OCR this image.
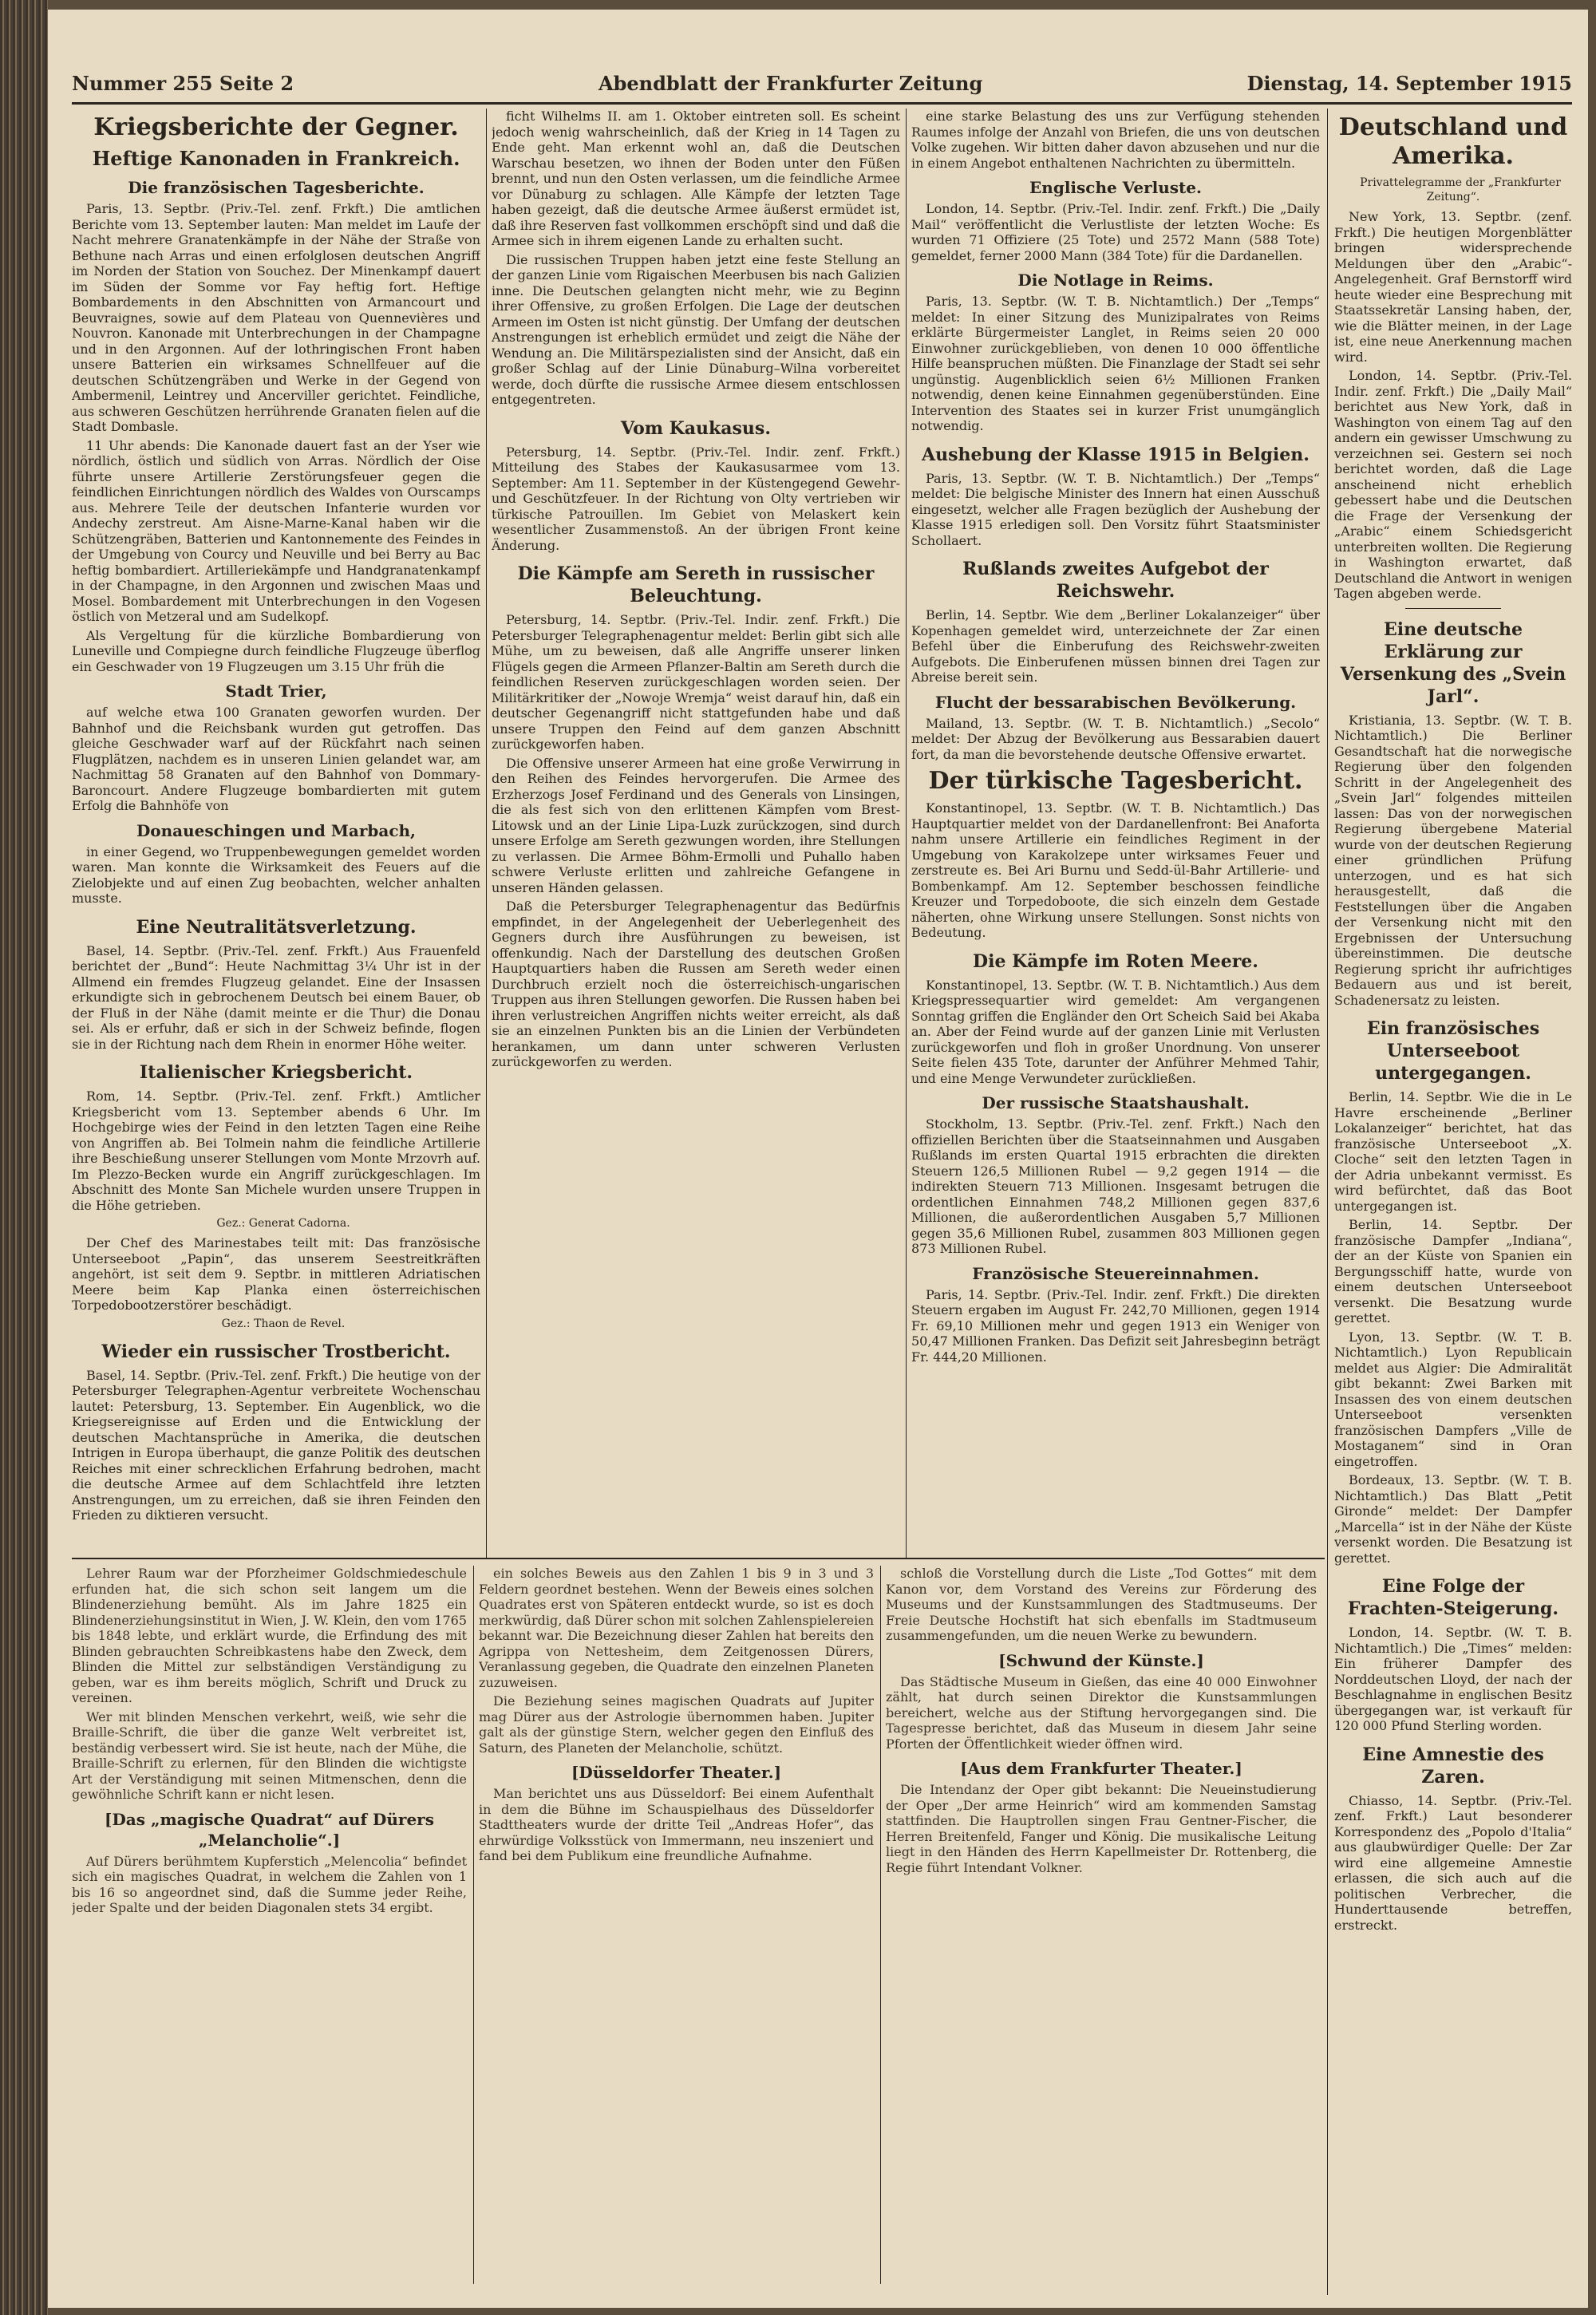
Nummer 255 Seite 2	Abendblatt der Frankfurter Zeitung	Dienstag, 14. September 1915
Kriegsberichte der Gegner.
Heftige Kanonaden in Frankreich.
Die französischen Tagesberichte.

Paris, 13. Septbr. (Priv.-Tel. zenf. Frkft.) Die amtlichen Berichte vom 13. September lauten: Man meldet im Laufe der Nacht mehrere Granatenkämpfe in der Nähe der Straße von Bethune nach Arras und einen erfolglosen deutschen Angriff im Norden der Station von Souchez. Der Minenkampf dauert im Süden der Somme vor Fay heftig fort. Heftige Bombardements in den Abschnitten von Armancourt und Beuvraignes, sowie auf dem Plateau von Quennevières und Nouvron. Kanonade mit Unterbrechungen in der Champagne und in den Argonnen. Auf der lothringischen Front haben unsere Batterien ein wirksames Schnellfeuer auf die deutschen Schützengräben und Werke in der Gegend von Ambermenil, Leintrey und Ancerviller gerichtet. Feindliche, aus schweren Geschützen herrührende Granaten fielen auf die Stadt Dombasle.

11 Uhr abends: Die Kanonade dauert fast an der Yser wie nördlich, östlich und südlich von Arras. Nördlich der Oise führte unsere Artillerie Zerstörungsfeuer gegen die feindlichen Einrichtungen nördlich des Waldes von Ourscamps aus. Mehrere Teile der deutschen Infanterie wurden vor Andechy zerstreut. Am Aisne-Marne-Kanal haben wir die Schützengräben, Batterien und Kantonnemente des Feindes in der Umgebung von Courcy und Neuville und bei Berry au Bac heftig bombardiert. Artilleriekämpfe und Handgranatenkampf in der Champagne, in den Argonnen und zwischen Maas und Mosel. Bombardement mit Unterbrechungen in den Vogesen östlich von Metzeral und am Sudelkopf.

Als Vergeltung für die kürzliche Bombardierung von Luneville und Compiegne durch feindliche Flugzeuge überflog ein Geschwader von 19 Flugzeugen um 3.15 Uhr früh die

Stadt Trier,

auf welche etwa 100 Granaten geworfen wurden. Der Bahnhof und die Reichsbank wurden gut getroffen. Das gleiche Geschwader warf auf der Rückfahrt nach seinen Flugplätzen, nachdem es in unseren Linien gelandet war, am Nachmittag 58 Granaten auf den Bahnhof von Dommary-Baroncourt. Andere Flugzeuge bombardierten mit gutem Erfolg die Bahnhöfe von

Donaueschingen und Marbach,

in einer Gegend, wo Truppenbewegungen gemeldet worden waren. Man konnte die Wirksamkeit des Feuers auf die Zielobjekte und auf einen Zug beobachten, welcher anhalten musste.

Eine Neutralitätsverletzung.

Basel, 14. Septbr. (Priv.-Tel. zenf. Frkft.) Aus Frauenfeld berichtet der „Bund“: Heute Nachmittag 3¼ Uhr ist in der Allmend ein fremdes Flugzeug gelandet. Eine der Insassen erkundigte sich in gebrochenem Deutsch bei einem Bauer, ob der Fluß in der Nähe (damit meinte er die Thur) die Donau sei. Als er erfuhr, daß er sich in der Schweiz befinde, flogen sie in der Richtung nach dem Rhein in enormer Höhe weiter.

Italienischer Kriegsbericht.

Rom, 14. Septbr. (Priv.-Tel. zenf. Frkft.) Amtlicher Kriegsbericht vom 13. September abends 6 Uhr. Im Hochgebirge wies der Feind in den letzten Tagen eine Reihe von Angriffen ab. Bei Tolmein nahm die feindliche Artillerie ihre Beschießung unserer Stellungen vom Monte Mrzovrh auf. Im Plezzo-Becken wurde ein Angriff zurückgeschlagen. Im Abschnitt des Monte San Michele wurden unsere Truppen in die Höhe getrieben.

Gez.: Generat Cadorna.

Der Chef des Marinestabes teilt mit: Das französische Unterseeboot „Papin“, das unserem Seestreitkräften angehört, ist seit dem 9. Septbr. in mittleren Adriatischen Meere beim Kap Planka einen österreichischen Torpedobootzerstörer beschädigt.

Gez.: Thaon de Revel.

Wieder ein russischer Trostbericht.

Basel, 14. Septbr. (Priv.-Tel. zenf. Frkft.) Die heutige von der Petersburger Telegraphen-Agentur verbreitete Wochenschau lautet: Petersburg, 13. September. Ein Augenblick, wo die Kriegsereignisse auf Erden und die Entwicklung der deutschen Machtansprüche in Amerika, die deutschen Intrigen in Europa überhaupt, die ganze Politik des deutschen Reiches mit einer schrecklichen Erfahrung bedrohen, macht die deutsche Armee auf dem Schlachtfeld ihre letzten Anstrengungen, um zu erreichen, daß sie ihren Feinden den Frieden zu diktieren versucht.

ficht Wilhelms II. am 1. Oktober eintreten soll. Es scheint jedoch wenig wahrscheinlich, daß der Krieg in 14 Tagen zu Ende geht. Man erkennt wohl an, daß die Deutschen Warschau besetzen, wo ihnen der Boden unter den Füßen brennt, und nun den Osten verlassen, um die feindliche Armee vor Dünaburg zu schlagen. Alle Kämpfe der letzten Tage haben gezeigt, daß die deutsche Armee äußerst ermüdet ist, daß ihre Reserven fast vollkommen erschöpft sind und daß die Armee sich in ihrem eigenen Lande zu erhalten sucht.

Die russischen Truppen haben jetzt eine feste Stellung an der ganzen Linie vom Rigaischen Meerbusen bis nach Galizien inne. Die Deutschen gelangten nicht mehr, wie zu Beginn ihrer Offensive, zu großen Erfolgen. Die Lage der deutschen Armeen im Osten ist nicht günstig. Der Umfang der deutschen Anstrengungen ist erheblich ermüdet und zeigt die Nähe der Wendung an. Die Militärspezialisten sind der Ansicht, daß ein großer Schlag auf der Linie Dünaburg–Wilna vorbereitet werde, doch dürfte die russische Armee diesem entschlossen entgegentreten.

Vom Kaukasus.

Petersburg, 14. Septbr. (Priv.-Tel. Indir. zenf. Frkft.) Mitteilung des Stabes der Kaukasusarmee vom 13. September: Am 11. September in der Küstengegend Gewehr- und Geschützfeuer. In der Richtung von Olty vertrieben wir türkische Patrouillen. Im Gebiet von Melaskert kein wesentlicher Zusammenstoß. An der übrigen Front keine Änderung.

Die Kämpfe am Sereth in russischer Beleuchtung.

Petersburg, 14. Septbr. (Priv.-Tel. Indir. zenf. Frkft.) Die Petersburger Telegraphenagentur meldet: Berlin gibt sich alle Mühe, um zu beweisen, daß alle Angriffe unserer linken Flügels gegen die Armeen Pflanzer-Baltin am Sereth durch die feindlichen Reserven zurückgeschlagen worden seien. Der Militärkritiker der „Nowoje Wremja“ weist darauf hin, daß ein deutscher Gegenangriff nicht stattgefunden habe und daß unsere Truppen den Feind auf dem ganzen Abschnitt zurückgeworfen haben.

Die Offensive unserer Armeen hat eine große Verwirrung in den Reihen des Feindes hervorgerufen. Die Armee des Erzherzogs Josef Ferdinand und des Generals von Linsingen, die als fest sich von den erlittenen Kämpfen vom Brest-Litowsk und an der Linie Lipa-Luzk zurückzogen, sind durch unsere Erfolge am Sereth gezwungen worden, ihre Stellungen zu verlassen. Die Armee Böhm-Ermolli und Puhallo haben schwere Verluste erlitten und zahlreiche Gefangene in unseren Händen gelassen.

Daß die Petersburger Telegraphenagentur das Bedürfnis empfindet, in der Angelegenheit der Ueberlegenheit des Gegners durch ihre Ausführungen zu beweisen, ist offenkundig. Nach der Darstellung des deutschen Großen Hauptquartiers haben die Russen am Sereth weder einen Durchbruch erzielt noch die österreichisch-ungarischen Truppen aus ihren Stellungen geworfen. Die Russen haben bei ihren verlustreichen Angriffen nichts weiter erreicht, als daß sie an einzelnen Punkten bis an die Linien der Verbündeten herankamen, um dann unter schweren Verlusten zurückgeworfen zu werden.

eine starke Belastung des uns zur Verfügung stehenden Raumes infolge der Anzahl von Briefen, die uns von deutschen Volke zugehen. Wir bitten daher davon abzusehen und nur die in einem Angebot enthaltenen Nachrichten zu übermitteln.

Englische Verluste.

London, 14. Septbr. (Priv.-Tel. Indir. zenf. Frkft.) Die „Daily Mail“ veröffentlicht die Verlustliste der letzten Woche: Es wurden 71 Offiziere (25 Tote) und 2572 Mann (588 Tote) gemeldet, ferner 2000 Mann (384 Tote) für die Dardanellen.

Die Notlage in Reims.

Paris, 13. Septbr. (W. T. B. Nichtamtlich.) Der „Temps“ meldet: In einer Sitzung des Munizipalrates von Reims erklärte Bürgermeister Langlet, in Reims seien 20 000 Einwohner zurückgeblieben, von denen 10 000 öffentliche Hilfe beanspruchen müßten. Die Finanzlage der Stadt sei sehr ungünstig. Augenblicklich seien 6½ Millionen Franken notwendig, denen keine Einnahmen gegenüberstünden. Eine Intervention des Staates sei in kurzer Frist unumgänglich notwendig.

Aushebung der Klasse 1915 in Belgien.

Paris, 13. Septbr. (W. T. B. Nichtamtlich.) Der „Temps“ meldet: Die belgische Minister des Innern hat einen Ausschuß eingesetzt, welcher alle Fragen bezüglich der Aushebung der Klasse 1915 erledigen soll. Den Vorsitz führt Staatsminister Schollaert.

Rußlands zweites Aufgebot der Reichswehr.

Berlin, 14. Septbr. Wie dem „Berliner Lokalanzeiger“ über Kopenhagen gemeldet wird, unterzeichnete der Zar einen Befehl über die Einberufung des Reichswehr-zweiten Aufgebots. Die Einberufenen müssen binnen drei Tagen zur Abreise bereit sein.

Flucht der bessarabischen Bevölkerung.

Mailand, 13. Septbr. (W. T. B. Nichtamtlich.) „Secolo“ meldet: Der Abzug der Bevölkerung aus Bessarabien dauert fort, da man die bevorstehende deutsche Offensive erwartet.

Der türkische Tagesbericht.

Konstantinopel, 13. Septbr. (W. T. B. Nichtamtlich.) Das Hauptquartier meldet von der Dardanellenfront: Bei Anaforta nahm unsere Artillerie ein feindliches Regiment in der Umgebung von Karakolzepe unter wirksames Feuer und zerstreute es. Bei Ari Burnu und Sedd-ül-Bahr Artillerie- und Bombenkampf. Am 12. September beschossen feindliche Kreuzer und Torpedoboote, die sich einzeln dem Gestade näherten, ohne Wirkung unsere Stellungen. Sonst nichts von Bedeutung.

Die Kämpfe im Roten Meere.

Konstantinopel, 13. Septbr. (W. T. B. Nichtamtlich.) Aus dem Kriegspressequartier wird gemeldet: Am vergangenen Sonntag griffen die Engländer den Ort Scheich Said bei Akaba an. Aber der Feind wurde auf der ganzen Linie mit Verlusten zurückgeworfen und floh in großer Unordnung. Von unserer Seite fielen 435 Tote, darunter der Anführer Mehmed Tahir, und eine Menge Verwundeter zurückließen.

Der russische Staatshaushalt.

Stockholm, 13. Septbr. (Priv.-Tel. zenf. Frkft.) Nach den offiziellen Berichten über die Staatseinnahmen und Ausgaben Rußlands im ersten Quartal 1915 erbrachten die direkten Steuern 126,5 Millionen Rubel — 9,2 gegen 1914 — die indirekten Steuern 713 Millionen. Insgesamt betrugen die ordentlichen Einnahmen 748,2 Millionen gegen 837,6 Millionen, die außerordentlichen Ausgaben 5,7 Millionen gegen 35,6 Millionen Rubel, zusammen 803 Millionen gegen 873 Millionen Rubel.

Französische Steuereinnahmen.

Paris, 14. Septbr. (Priv.-Tel. Indir. zenf. Frkft.) Die direkten Steuern ergaben im August Fr. 242,70 Millionen, gegen 1914 Fr. 69,10 Millionen mehr und gegen 1913 ein Weniger von 50,47 Millionen Franken. Das Defizit seit Jahresbeginn beträgt Fr. 444,20 Millionen.

Deutschland und Amerika.

Privattelegramme der „Frankfurter Zeitung“.

New York, 13. Septbr. (zenf. Frkft.) Die heutigen Morgenblätter bringen widersprechende Meldungen über den „Arabic“-Angelegenheit. Graf Bernstorff wird heute wieder eine Besprechung mit Staatssekretär Lansing haben, der, wie die Blätter meinen, in der Lage ist, eine neue Anerkennung machen wird.

London, 14. Septbr. (Priv.-Tel. Indir. zenf. Frkft.) Die „Daily Mail“ berichtet aus New York, daß in Washington von einem Tag auf den andern ein gewisser Umschwung zu verzeichnen sei. Gestern sei noch berichtet worden, daß die Lage anscheinend nicht erheblich gebessert habe und die Deutschen die Frage der Versenkung der „Arabic“ einem Schiedsgericht unterbreiten wollten. Die Regierung in Washington erwartet, daß Deutschland die Antwort in wenigen Tagen abgeben werde.

Eine deutsche Erklärung zur Versenkung des „Svein Jarl“.

Kristiania, 13. Septbr. (W. T. B. Nichtamtlich.) Die Berliner Gesandtschaft hat die norwegische Regierung über den folgenden Schritt in der Angelegenheit des „Svein Jarl“ folgendes mitteilen lassen: Das von der norwegischen Regierung übergebene Material wurde von der deutschen Regierung einer gründlichen Prüfung unterzogen, und es hat sich herausgestellt, daß die Feststellungen über die Angaben der Versenkung nicht mit den Ergebnissen der Untersuchung übereinstimmen. Die deutsche Regierung spricht ihr aufrichtiges Bedauern aus und ist bereit, Schadenersatz zu leisten.

Ein französisches Unterseeboot untergegangen.

Berlin, 14. Septbr. Wie die in Le Havre erscheinende „Berliner Lokalanzeiger“ berichtet, hat das französische Unterseeboot „X. Cloche“ seit den letzten Tagen in der Adria unbekannt vermisst. Es wird befürchtet, daß das Boot untergegangen ist.

Berlin, 14. Septbr. Der französische Dampfer „Indiana“, der an der Küste von Spanien ein Bergungsschiff hatte, wurde von einem deutschen Unterseeboot versenkt. Die Besatzung wurde gerettet.

Lyon, 13. Septbr. (W. T. B. Nichtamtlich.) Lyon Republicain meldet aus Algier: Die Admiralität gibt bekannt: Zwei Barken mit Insassen des von einem deutschen Unterseeboot versenkten französischen Dampfers „Ville de Mostaganem“ sind in Oran eingetroffen.

Bordeaux, 13. Septbr. (W. T. B. Nichtamtlich.) Das Blatt „Petit Gironde“ meldet: Der Dampfer „Marcella“ ist in der Nähe der Küste versenkt worden. Die Besatzung ist gerettet.

Eine Folge der Frachten-Steigerung.

London, 14. Septbr. (W. T. B. Nichtamtlich.) Die „Times“ melden: Ein früherer Dampfer des Norddeutschen Lloyd, der nach der Beschlagnahme in englischen Besitz übergegangen war, ist verkauft für 120 000 Pfund Sterling worden.

Eine Amnestie des Zaren.

Chiasso, 14. Septbr. (Priv.-Tel. zenf. Frkft.) Laut besonderer Korrespondenz des „Popolo d'Italia“ aus glaubwürdiger Quelle: Der Zar wird eine allgemeine Amnestie erlassen, die sich auch auf die politischen Verbrecher, die Hunderttausende betreffen, erstreckt.

Lehrer Raum war der Pforzheimer Goldschmiedeschule erfunden hat, die sich schon seit langem um die Blindenerziehung bemüht. Als im Jahre 1825 ein Blindenerziehungsinstitut in Wien, J. W. Klein, den vom 1765 bis 1848 lebte, und erklärt wurde, die Erfindung des mit Blinden gebrauchten Schreibkastens habe den Zweck, dem Blinden die Mittel zur selbständigen Verständigung zu geben, war es ihm bereits möglich, Schrift und Druck zu vereinen.

Wer mit blinden Menschen verkehrt, weiß, wie sehr die Braille-Schrift, die über die ganze Welt verbreitet ist, beständig verbessert wird. Sie ist heute, nach der Mühe, die Braille-Schrift zu erlernen, für den Blinden die wichtigste Art der Verständigung mit seinen Mitmenschen, denn die gewöhnliche Schrift kann er nicht lesen.

[Das „magische Quadrat“ auf Dürers „Melancholie“.]

Auf Dürers berühmtem Kupferstich „Melencolia“ befindet sich ein magisches Quadrat, in welchem die Zahlen von 1 bis 16 so angeordnet sind, daß die Summe jeder Reihe, jeder Spalte und der beiden Diagonalen stets 34 ergibt.

ein solches Beweis aus den Zahlen 1 bis 9 in 3 und 3 Feldern geordnet bestehen. Wenn der Beweis eines solchen Quadrates erst von Späteren entdeckt wurde, so ist es doch merkwürdig, daß Dürer schon mit solchen Zahlenspielereien bekannt war. Die Bezeichnung dieser Zahlen hat bereits den Agrippa von Nettesheim, dem Zeitgenossen Dürers, Veranlassung gegeben, die Quadrate den einzelnen Planeten zuzuweisen.

Die Beziehung seines magischen Quadrats auf Jupiter mag Dürer aus der Astrologie übernommen haben. Jupiter galt als der günstige Stern, welcher gegen den Einfluß des Saturn, des Planeten der Melancholie, schützt.

[Düsseldorfer Theater.]

Man berichtet uns aus Düsseldorf: Bei einem Aufenthalt in dem die Bühne im Schauspielhaus des Düsseldorfer Stadttheaters wurde der dritte Teil „Andreas Hofer“, das ehrwürdige Volksstück von Immermann, neu inszeniert und fand bei dem Publikum eine freundliche Aufnahme.

schloß die Vorstellung durch die Liste „Tod Gottes“ mit dem Kanon vor, dem Vorstand des Vereins zur Förderung des Museums und der Kunstsammlungen des Stadtmuseums. Der Freie Deutsche Hochstift hat sich ebenfalls im Stadtmuseum zusammengefunden, um die neuen Werke zu bewundern.

[Schwund der Künste.]

Das Städtische Museum in Gießen, das eine 40 000 Einwohner zählt, hat durch seinen Direktor die Kunstsammlungen bereichert, welche aus der Stiftung hervorgegangen sind. Die Tagespresse berichtet, daß das Museum in diesem Jahr seine Pforten der Öffentlichkeit wieder öffnen wird.

[Aus dem Frankfurter Theater.]

Die Intendanz der Oper gibt bekannt: Die Neueinstudierung der Oper „Der arme Heinrich“ wird am kommenden Samstag stattfinden. Die Hauptrollen singen Frau Gentner-Fischer, die Herren Breitenfeld, Fanger und König. Die musikalische Leitung liegt in den Händen des Herrn Kapellmeister Dr. Rottenberg, die Regie führt Intendant Volkner.
